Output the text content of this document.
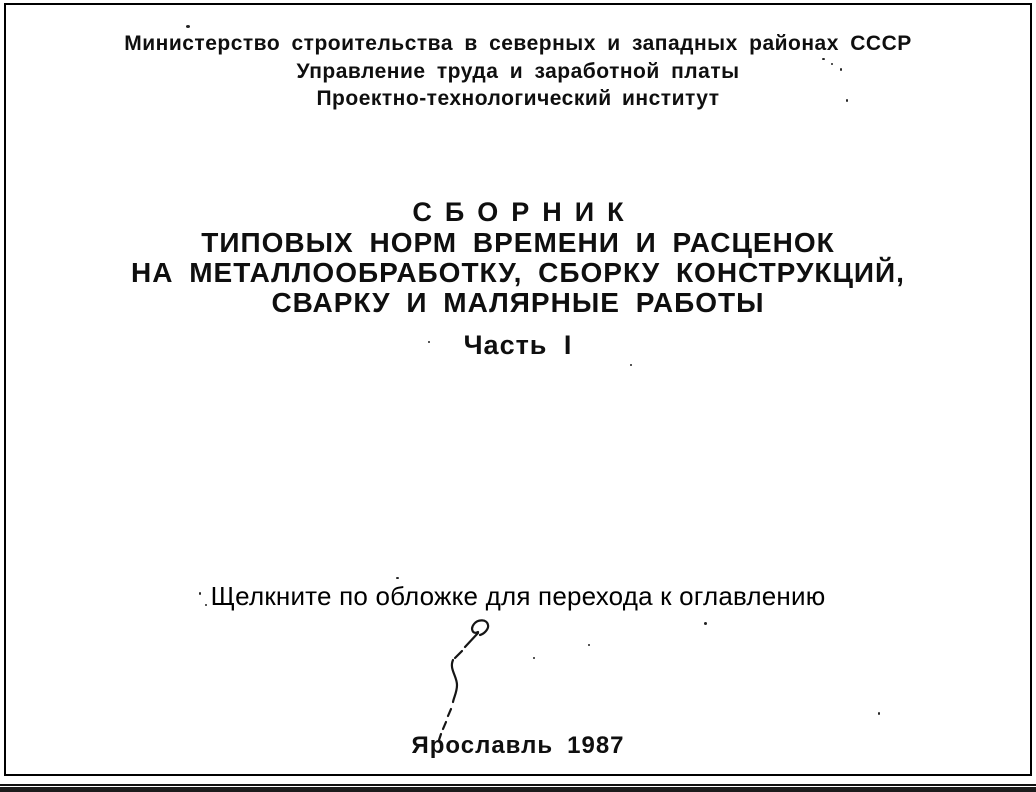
Министерство строительства в северных и западных районах СССР
Управление труда и заработной платы
Проектно-технологический институт
СБОРНИК
ТИПОВЫХ НОРМ ВРЕМЕНИ И РАСЦЕНОК
НА МЕТАЛЛООБРАБОТКУ, СБОРКУ КОНСТРУКЦИЙ,
СВАРКУ И МАЛЯРНЫЕ РАБОТЫ
Часть I
Щелкните по обложке для перехода к оглавлению
Ярославль 1987
